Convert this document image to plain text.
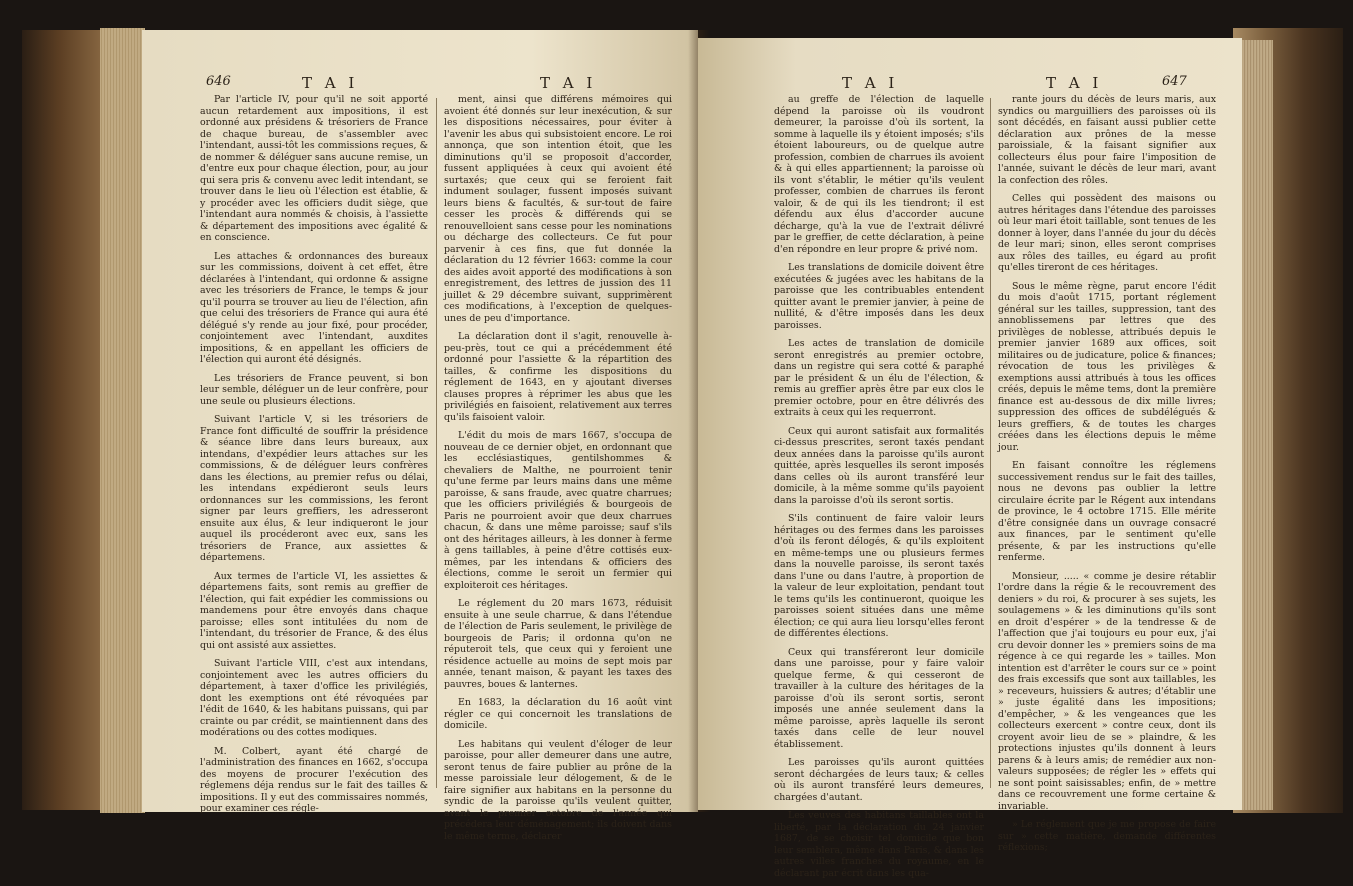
646	T A I	T A I

Par l'article IV, pour qu'il ne soit apporté aucun retardement aux impositions, il est ordonné aux présidens & trésoriers de France de chaque bureau, de s'assembler avec l'intendant, aussi-tôt les commissions reçues, & de nommer & déléguer sans aucune remise, un d'entre eux pour chaque élection, pour, au jour qui sera pris & convenu avec ledit intendant, se trouver dans le lieu où l'élection est établie, & y procéder avec les officiers dudit siège, que l'intendant aura nommés & choisis, à l'assiette & département des impositions avec égalité & en conscience.

Les attaches & ordonnances des bureaux sur les commissions, doivent à cet effet, être déclarées à l'intendant, qui ordonne & assigne avec les trésoriers de France, le temps & jour qu'il pourra se trouver au lieu de l'élection, afin que celui des trésoriers de France qui aura été délégué s'y rende au jour fixé, pour procéder, conjointement avec l'intendant, auxdites impositions, & en appellant les officiers de l'élection qui auront été désignés.

Les trésoriers de France peuvent, si bon leur semble, déléguer un de leur confrère, pour une seule ou plusieurs élections.

Suivant l'article V, si les trésoriers de France font difficulté de souffrir la présidence & séance libre dans leurs bureaux, aux intendans, d'expédier leurs attaches sur les commissions, & de déléguer leurs confrères dans les élections, au premier refus ou délai, les intendans expédieront seuls leurs ordonnances sur les commissions, les feront signer par leurs greffiers, les adresseront ensuite aux élus, & leur indiqueront le jour auquel ils procéderont avec eux, sans les trésoriers de France, aux assiettes & départemens.

Aux termes de l'article VI, les assiettes & départemens faits, sont remis au greffier de l'élection, qui fait expédier les commissions ou mandemens pour être envoyés dans chaque paroisse; elles sont intitulées du nom de l'intendant, du trésorier de France, & des élus qui ont assisté aux assiettes.

Suivant l'article VIII, c'est aux intendans, conjointement avec les autres officiers du département, à taxer d'office les privilégiés, dont les exemptions ont été révoquées par l'édit de 1640, & les habitans puissans, qui par crainte ou par crédit, se maintiennent dans des modérations ou des cottes modiques.

M. Colbert, ayant été chargé de l'administration des finances en 1662, s'occupa des moyens de procurer l'exécution des réglemens déja rendus sur le fait des tailles & impositions. Il y eut des commissaires nommés, pour examiner ces régle-

ment, ainsi que différens mémoires qui avoient été donnés sur leur inexécution, & sur les dispositions nécessaires, pour éviter à l'avenir les abus qui subsistoient encore. Le roi annonça, que son intention étoit, que les diminutions qu'il se proposoit d'accorder, fussent appliquées à ceux qui avoient été surtaxés; que ceux qui se feroient fait indument soulager, fussent imposés suivant leurs biens & facultés, & sur-tout de faire cesser les procès & différends qui se renouvelloient sans cesse pour les nominations ou décharge des collecteurs. Ce fut pour parvenir à ces fins, que fut donnée la déclaration du 12 février 1663: comme la cour des aides avoit apporté des modifications à son enregistrement, des lettres de jussion des 11 juillet & 29 décembre suivant, supprimèrent ces modifications, à l'exception de quelques-unes de peu d'importance.

La déclaration dont il s'agit, renouvelle à-peu-près, tout ce qui a précédemment été ordonné pour l'assiette & la répartition des tailles, & confirme les dispositions du réglement de 1643, en y ajoutant diverses clauses propres à réprimer les abus que les privilégiés en faisoient, relativement aux terres qu'ils faisoient valoir.

L'édit du mois de mars 1667, s'occupa de nouveau de ce dernier objet, en ordonnant que les ecclésiastiques, gentilshommes & chevaliers de Malthe, ne pourroient tenir qu'une ferme par leurs mains dans une même paroisse, & sans fraude, avec quatre charrues; que les officiers privilégiés & bourgeois de Paris ne pourroient avoir que deux charrues chacun, & dans une même paroisse; sauf s'ils ont des héritages ailleurs, à les donner à ferme à gens taillables, à peine d'être cottisés eux-mêmes, par les intendans & officiers des élections, comme le seroit un fermier qui exploiteroit ces héritages.

Le réglement du 20 mars 1673, réduisit ensuite à une seule charrue, & dans l'étendue de l'élection de Paris seulement, le privilège de bourgeois de Paris; il ordonna qu'on ne réputeroit tels, que ceux qui y feroient une résidence actuelle au moins de sept mois par année, tenant maison, & payant les taxes des pauvres, boues & lanternes.

En 1683, la déclaration du 16 août vint régler ce qui concernoit les translations de domicile.

Les habitans qui veulent d'éloger de leur paroisse, pour aller demeurer dans une autre, seront tenus de faire publier au prône de la messe paroissiale leur délogement, & de le faire signifier aux habitans en la personne du syndic de la paroisse qu'ils veulent quitter, avant le premier octobre de l'année qui précédera leur déménagement; ils doivent dans le même terme, déclarer

T A I	T A I	647

au greffe de l'élection de laquelle dépend la paroisse où ils voudront demeurer, la paroisse d'où ils sortent, la somme à laquelle ils y étoient imposés; s'ils étoient laboureurs, ou de quelque autre profession, combien de charrues ils avoient & à qui elles appartiennent; la paroisse où ils vont s'établir, le métier qu'ils veulent professer, combien de charrues ils feront valoir, & de qui ils les tiendront; il est défendu aux élus d'accorder aucune décharge, qu'à la vue de l'extrait délivré par le greffier, de cette déclaration, à peine d'en répondre en leur propre & privé nom.

Les translations de domicile doivent être exécutées & jugées avec les habitans de la paroisse que les contribuables entendent quitter avant le premier janvier, à peine de nullité, & d'être imposés dans les deux paroisses.

Les actes de translation de domicile seront enregistrés au premier octobre, dans un registre qui sera cotté & paraphé par le président & un élu de l'élection, & remis au greffier après être par eux clos le premier octobre, pour en être délivrés des extraits à ceux qui les requerront.

Ceux qui auront satisfait aux formalités ci-dessus prescrites, seront taxés pendant deux années dans la paroisse qu'ils auront quittée, après lesquelles ils seront imposés dans celles où ils auront transféré leur domicile, à la même somme qu'ils payoient dans la paroisse d'où ils seront sortis.

S'ils continuent de faire valoir leurs héritages ou des fermes dans les paroisses d'où ils feront délogés, & qu'ils exploitent en même-temps une ou plusieurs fermes dans la nouvelle paroisse, ils seront taxés dans l'une ou dans l'autre, à proportion de la valeur de leur exploitation, pendant tout le tems qu'ils les continueront, quoique les paroisses soient situées dans une même élection; ce qui aura lieu lorsqu'elles feront de différentes élections.

Ceux qui transféreront leur domicile dans une paroisse, pour y faire valoir quelque ferme, & qui cesseront de travailler à la culture des héritages de la paroisse d'où ils seront sortis, seront imposés une année seulement dans la même paroisse, après laquelle ils seront taxés dans celle de leur nouvel établissement.

Les paroisses qu'ils auront quittées seront déchargées de leurs taux; & celles où ils auront transféré leurs demeures, chargées d'autant.

Les veuves des habitans taillables ont la liberté, par la déclaration du 24 janvier 1687, de se choisir tel domicile que bon leur semblera, même dans Paris, & dans les autres villes franches du royaume, en le déclarant par écrit dans les qua-

rante jours du décès de leurs maris, aux syndics ou marguilliers des paroisses où ils sont décédés, en faisant aussi publier cette déclaration aux prônes de la messe paroissiale, & la faisant signifier aux collecteurs élus pour faire l'imposition de l'année, suivant le décès de leur mari, avant la confection des rôles.

Celles qui possèdent des maisons ou autres héritages dans l'étendue des paroisses où leur mari étoit taillable, sont tenues de les donner à loyer, dans l'année du jour du décès de leur mari; sinon, elles seront comprises aux rôles des tailles, eu égard au profit qu'elles tireront de ces héritages.

Sous le même règne, parut encore l'édit du mois d'août 1715, portant réglement général sur les tailles, suppression, tant des annoblissemens par lettres que des privilèges de noblesse, attribués depuis le premier janvier 1689 aux offices, soit militaires ou de judicature, police & finances; révocation de tous les privilèges & exemptions aussi attribués à tous les offices créés, depuis le même tems, dont la première finance est au-dessous de dix mille livres; suppression des offices de subdélégués & leurs greffiers, & de toutes les charges créées dans les élections depuis le même jour.

En faisant connoître les réglemens successivement rendus sur le fait des tailles, nous ne devons pas oublier la lettre circulaire écrite par le Régent aux intendans de province, le 4 octobre 1715. Elle mérite d'être consignée dans un ouvrage consacré aux finances, par le sentiment qu'elle présente, & par les instructions qu'elle renferme.

Monsieur, ..... « comme je desire rétablir l'ordre dans la régie & le recouvrement des deniers » du roi, & procurer à ses sujets, les soulagemens » & les diminutions qu'ils sont en droit d'espérer » de la tendresse & de l'affection que j'ai toujours eu pour eux, j'ai cru devoir donner les » premiers soins de ma régence à ce qui regarde les » tailles. Mon intention est d'arrêter le cours sur ce » point des frais excessifs que sont aux taillables, les » receveurs, huissiers & autres; d'établir une » juste égalité dans les impositions; d'empêcher, » & les vengeances que les collecteurs exercent » contre ceux, dont ils croyent avoir lieu de se » plaindre, & les protections injustes qu'ils donnent à leurs parens & à leurs amis; de remédier aux non-valeurs supposées; de régler les » effets qui ne sont point saisissables; enfin, de » mettre dans ce recouvrement une forme certaine & invariable.

» Le réglement que je me propose de faire sur » cette matière, demande différentes réflexions;
